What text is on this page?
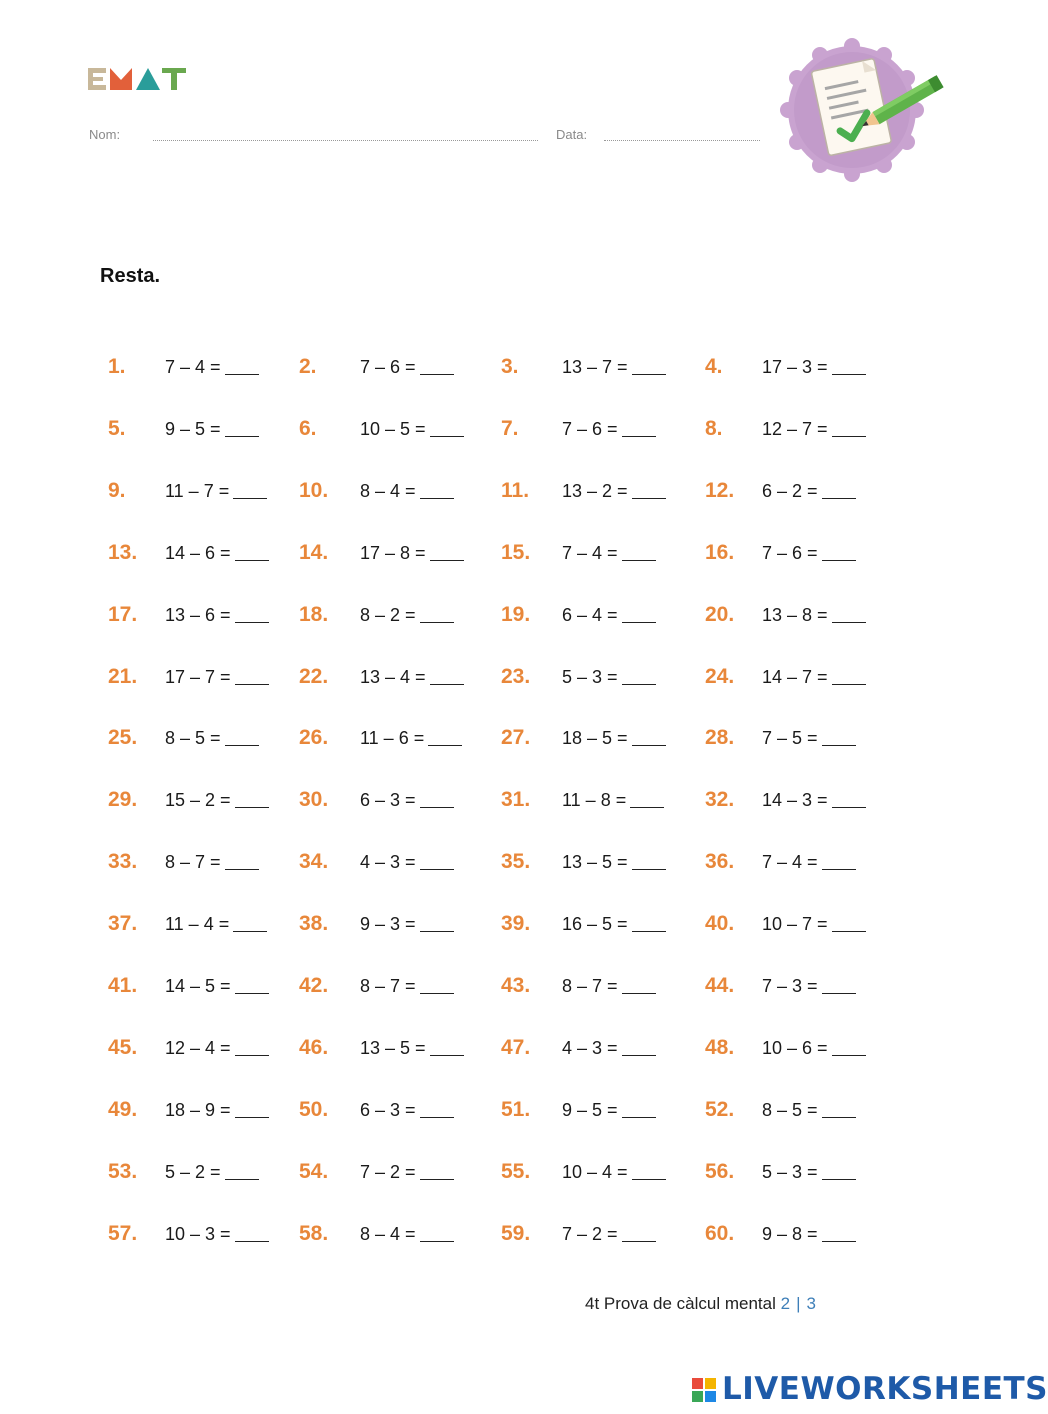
Nom:	Data:
Resta.
1. 7 – 4 =	2. 7 – 6 =	3. 13 – 7 =	4. 17 – 3 =
5. 9 – 5 =	6. 10 – 5 =	7. 7 – 6 =	8. 12 – 7 =
9. 11 – 7 =	10. 8 – 4 =	11. 13 – 2 =	12. 6 – 2 =
13. 14 – 6 =	14. 17 – 8 =	15. 7 – 4 =	16. 7 – 6 =
17. 13 – 6 =	18. 8 – 2 =	19. 6 – 4 =	20. 13 – 8 =
21. 17 – 7 =	22. 13 – 4 =	23. 5 – 3 =	24. 14 – 7 =
25. 8 – 5 =	26. 11 – 6 =	27. 18 – 5 =	28. 7 – 5 =
29. 15 – 2 =	30. 6 – 3 =	31. 11 – 8 =	32. 14 – 3 =
33. 8 – 7 =	34. 4 – 3 =	35. 13 – 5 =	36. 7 – 4 =
37. 11 – 4 =	38. 9 – 3 =	39. 16 – 5 =	40. 10 – 7 =
41. 14 – 5 =	42. 8 – 7 =	43. 8 – 7 =	44. 7 – 3 =
45. 12 – 4 =	46. 13 – 5 =	47. 4 – 3 =	48. 10 – 6 =
49. 18 – 9 =	50. 6 – 3 =	51. 9 – 5 =	52. 8 – 5 =
53. 5 – 2 =	54. 7 – 2 =	55. 10 – 4 =	56. 5 – 3 =
57. 10 – 3 =	58. 8 – 4 =	59. 7 – 2 =	60. 9 – 8 =
4t Prova de càlcul mental 2 | 3
LIVEWORKSHEETS
